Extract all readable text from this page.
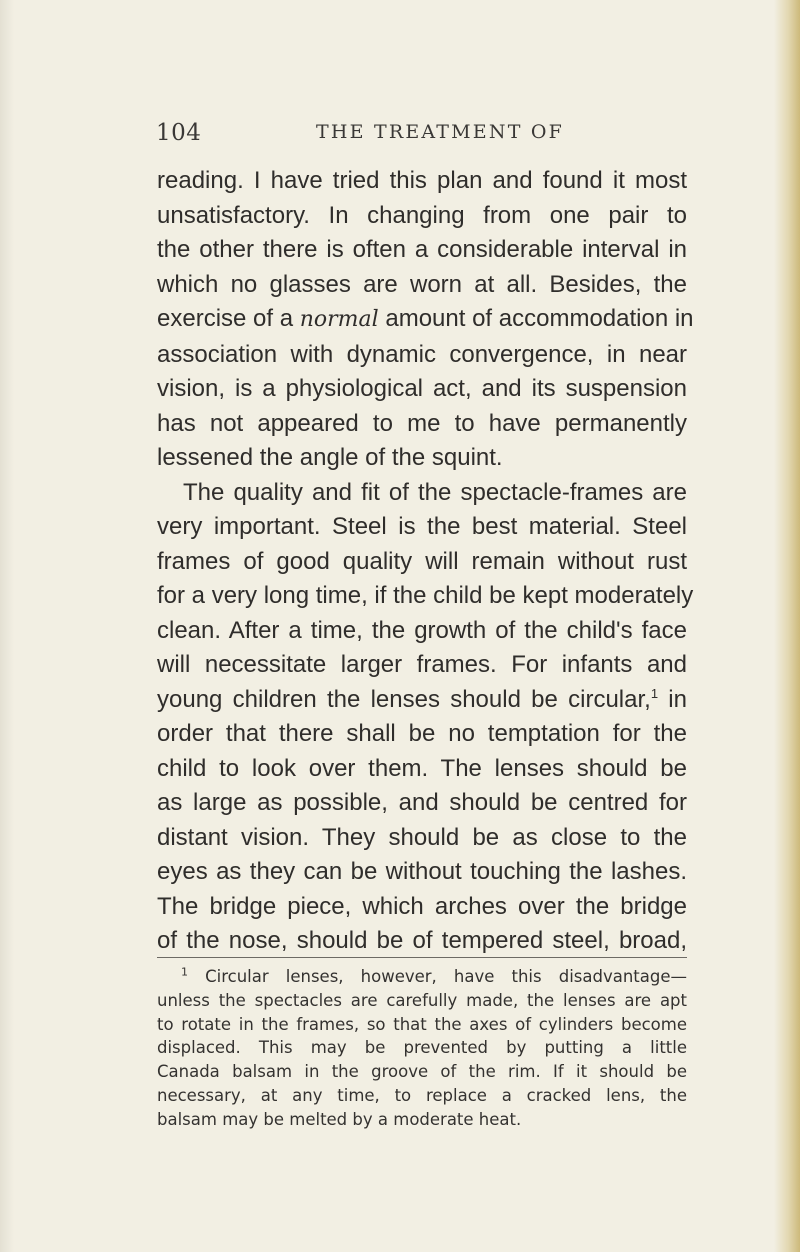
104	THE TREATMENT OF
reading. I have tried this plan and found it most
unsatisfactory. In changing from one pair to
the other there is often a considerable interval in
which no glasses are worn at all. Besides, the
exercise of a normal amount of accommodation in
association with dynamic convergence, in near
vision, is a physiological act, and its suspension
has not appeared to me to have permanently
lessened the angle of the squint.
The quality and fit of the spectacle-frames are
very important. Steel is the best material. Steel
frames of good quality will remain without rust
for a very long time, if the child be kept moderately
clean. After a time, the growth of the child's face
will necessitate larger frames. For infants and
young children the lenses should be circular,$^1$ in
order that there shall be no temptation for the
child to look over them. The lenses should be
as large as possible, and should be centred for
distant vision. They should be as close to the
eyes as they can be without touching the lashes.
The bridge piece, which arches over the bridge
of the nose, should be of tempered steel, broad,
$^1$ Circular lenses, however, have this disadvantage—
unless the spectacles are carefully made, the lenses are apt
to rotate in the frames, so that the axes of cylinders become
displaced. This may be prevented by putting a little
Canada balsam in the groove of the rim. If it should be
necessary, at any time, to replace a cracked lens, the
balsam may be melted by a moderate heat.
